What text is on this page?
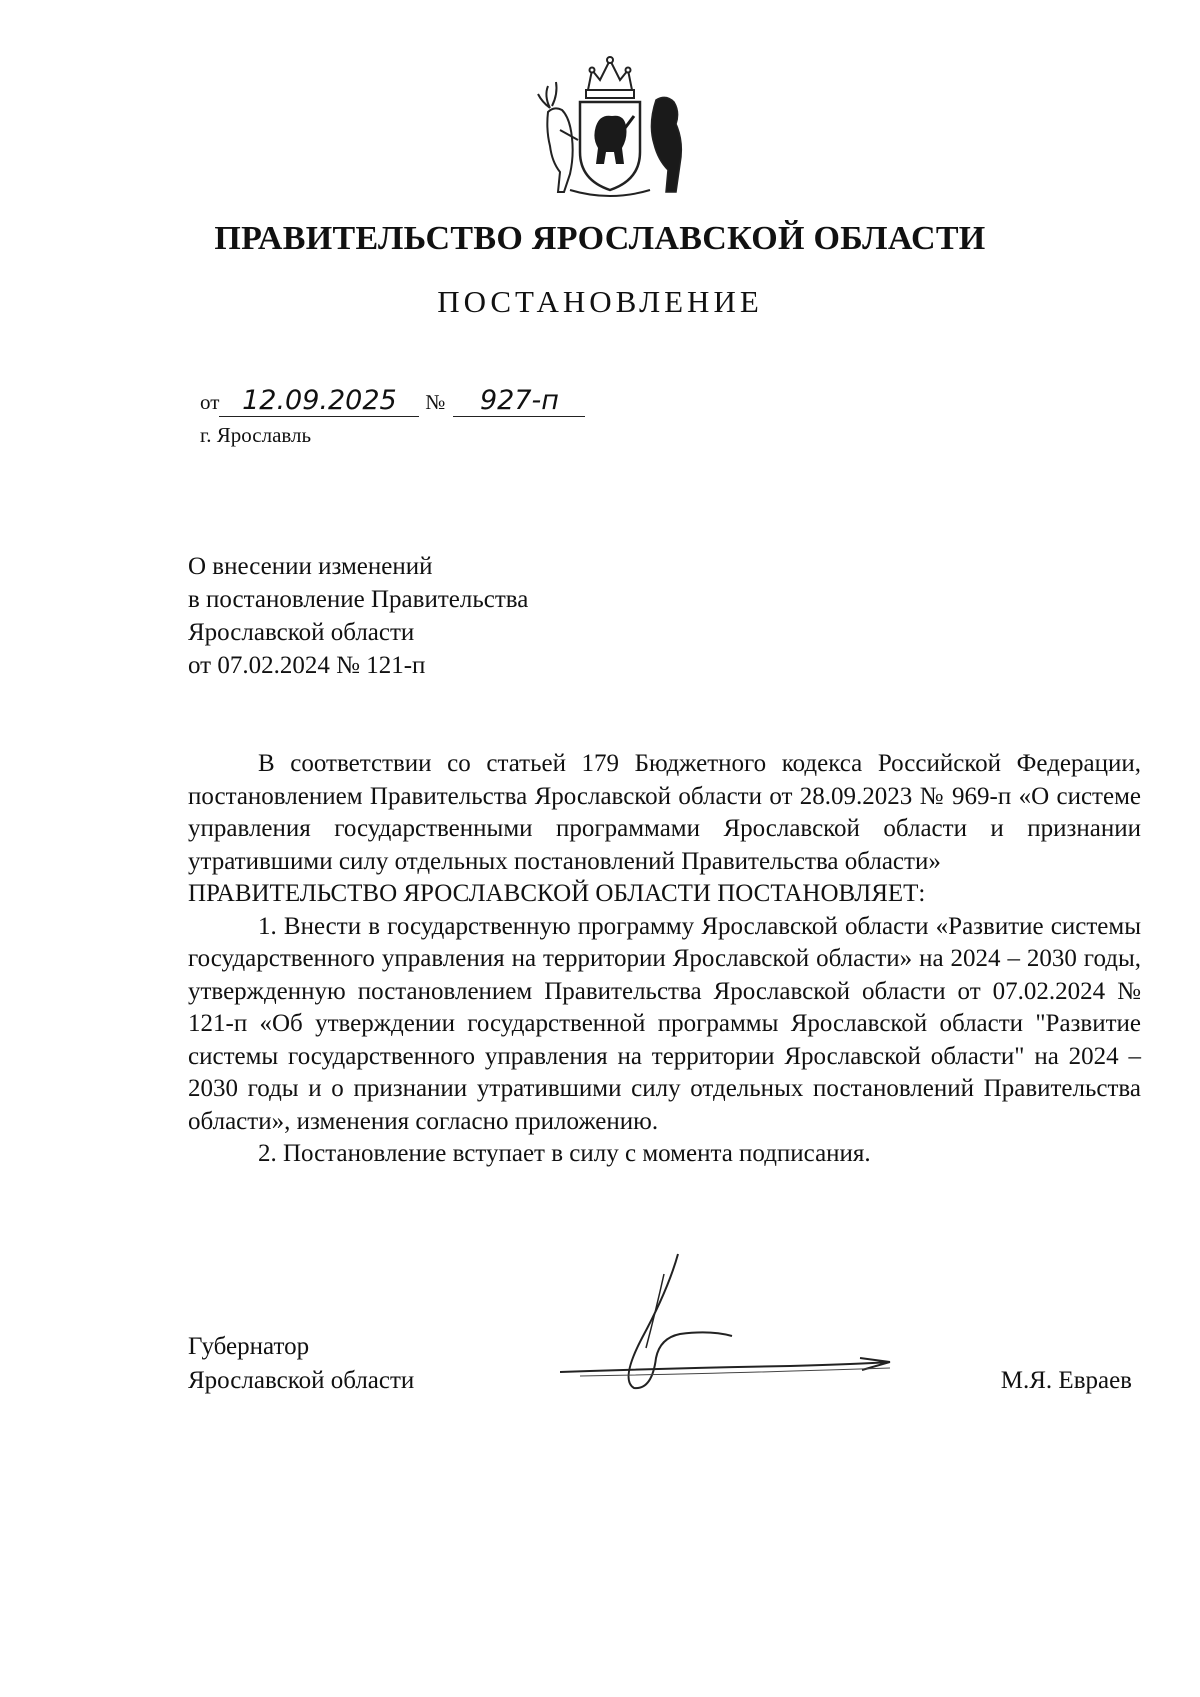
ПРАВИТЕЛЬСТВО ЯРОСЛАВСКОЙ ОБЛАСТИ
ПОСТАНОВЛЕНИЕ
от 12.09.2025 № 927-п
г. Ярославль
О внесении изменений
в постановление Правительства
Ярославской области
от 07.02.2024 № 121-п

В соответствии со статьей 179 Бюджетного кодекса Российской Федерации, постановлением Правительства Ярославской области от 28.09.2023 № 969-п «О системе управления государственными программами Ярославской области и признании утратившими силу отдельных постановлений Правительства области»

ПРАВИТЕЛЬСТВО ЯРОСЛАВСКОЙ ОБЛАСТИ ПОСТАНОВЛЯЕТ:

1. Внести в государственную программу Ярославской области «Развитие системы государственного управления на территории Ярославской области» на 2024 – 2030 годы, утвержденную постановлением Правительства Ярославской области от 07.02.2024 № 121-п «Об утверждении государственной программы Ярославской области "Развитие системы государственного управления на территории Ярославской области" на 2024 – 2030 годы и о признании утратившими силу отдельных постановлений Правительства области», изменения согласно приложению.

2. Постановление вступает в силу с момента подписания.

Губернатор
Ярославской области	М.Я. Евраев
